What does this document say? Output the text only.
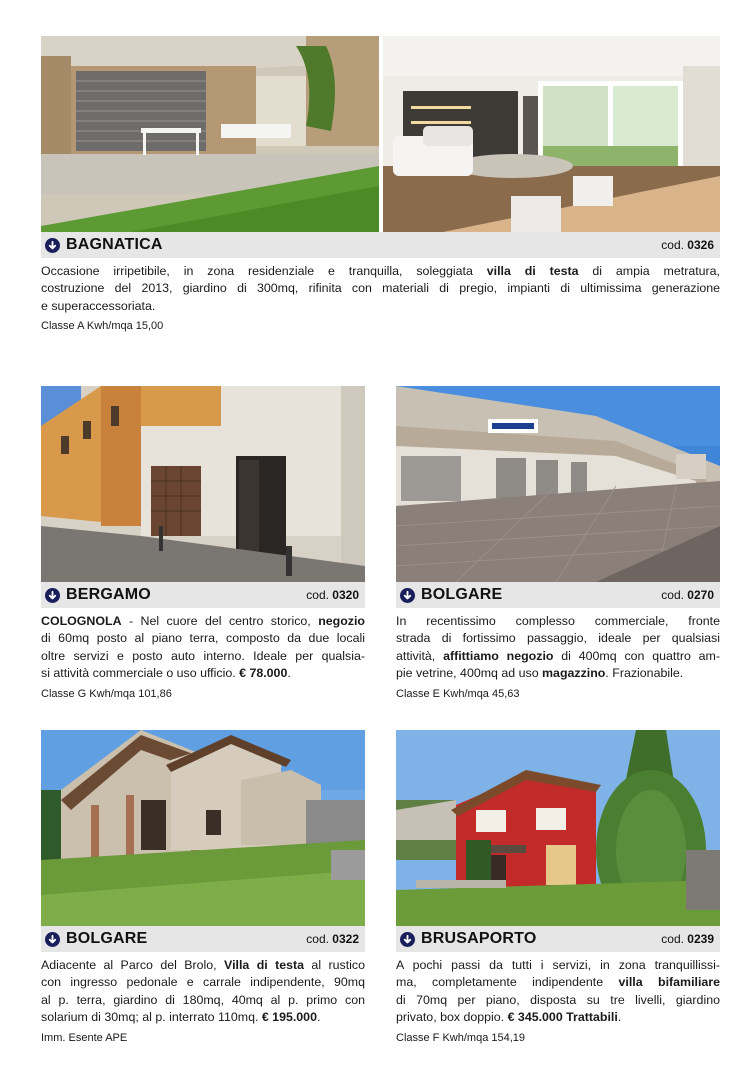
BAGNATICA	cod. 0326
Occasione irripetibile, in zona residenziale e tranquilla, soleggiata villa di testa di ampia metratura,
costruzione del 2013, giardino di 300mq, rifinita con materiali di pregio, impianti di ultimissima generazione
e superaccessoriata.
Classe A Kwh/mqa 15,00
BERGAMO	cod. 0320
COLOGNOLA - Nel cuore del centro storico, negozio
di 60mq posto al piano terra, composto da due locali
oltre servizi e posto auto interno. Ideale per qualsia-
si attività commerciale o uso ufficio. € 78.000.
Classe G Kwh/mqa 101,86
BOLGARE	cod. 0270
In recentissimo complesso commerciale, fronte
strada di fortissimo passaggio, ideale per qualsiasi
attività, affittiamo negozio di 400mq con quattro am-
pie vetrine, 400mq ad uso magazzino. Frazionabile.
Classe E Kwh/mqa 45,63
BOLGARE	cod. 0322
Adiacente al Parco del Brolo, Villa di testa al rustico
con ingresso pedonale e carrale indipendente, 90mq
al p. terra, giardino di 180mq, 40mq al p. primo con
solarium di 30mq; al p. interrato 110mq. € 195.000.
Imm. Esente APE
BRUSAPORTO	cod. 0239
A pochi passi da tutti i servizi, in zona tranquillissi-
ma, completamente indipendente villa bifamiliare
di 70mq per piano, disposta su tre livelli, giardino
privato, box doppio. € 345.000 Trattabili.
Classe F Kwh/mqa 154,19
